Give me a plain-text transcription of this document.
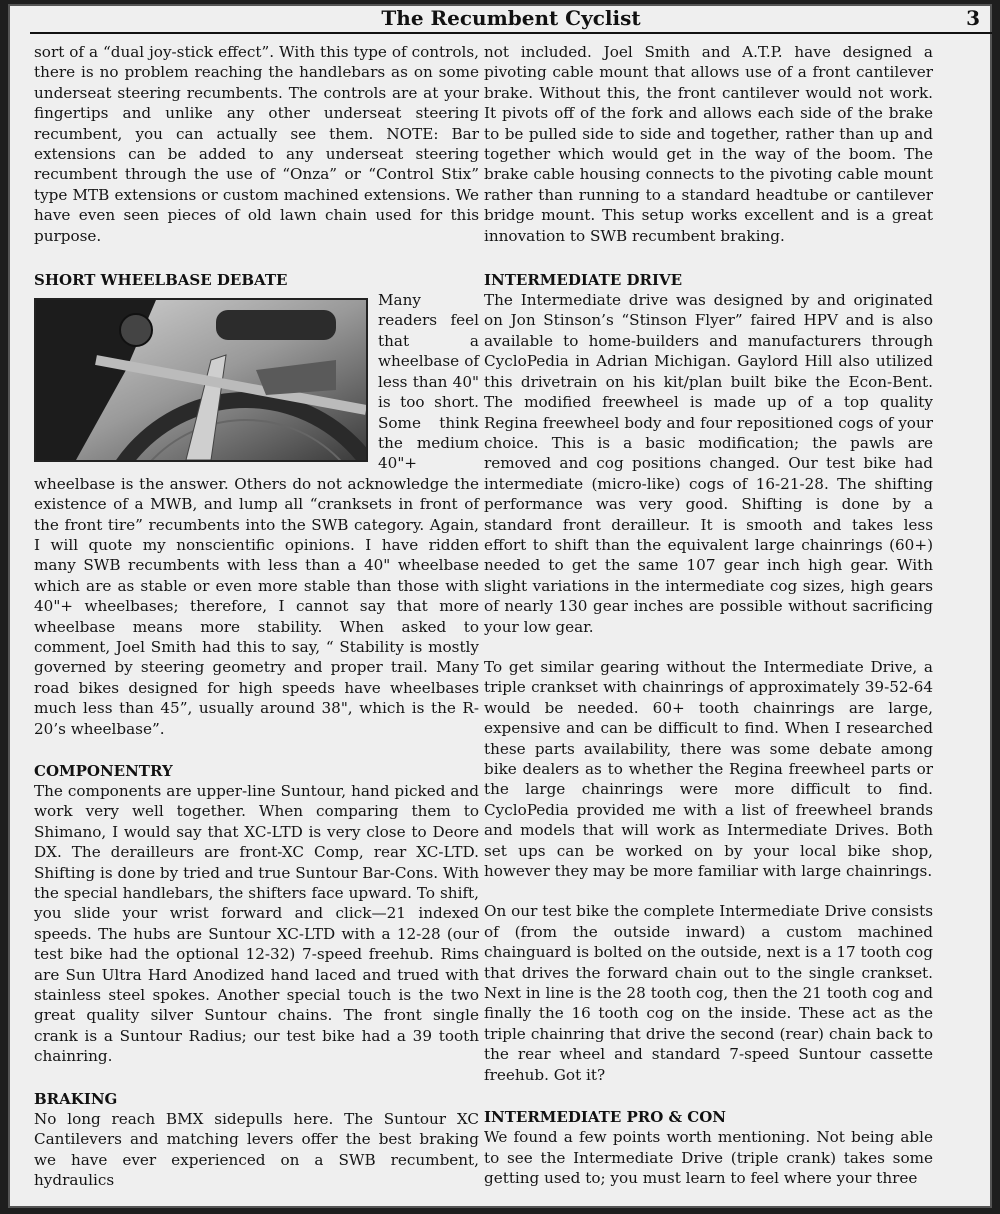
The Recumbent Cyclist	3

sort of a “dual joy-stick effect”. With this type of controls, there is no problem reaching the handlebars as on some underseat steering recumbents. The controls are at your fingertips and unlike any other underseat steering recumbent, you can actually see them. NOTE: Bar extensions can be added to any underseat steering recumbent through the use of “Onza” or “Control Stix” type MTB extensions or custom machined extensions. We have even seen pieces of old lawn chain used for this purpose.

SHORT WHEELBASE DEBATE

Many readers feel that a wheelbase of less than 40" is too short. Some think the medium 40"+ wheelbase is the answer. Others do not acknowledge the existence of a MWB, and lump all “cranksets in front of the front tire” recumbents into the SWB category. Again, I will quote my nonscientific opinions. I have ridden many SWB recumbents with less than a 40" wheelbase which are as stable or even more stable than those with 40"+ wheelbases; therefore, I cannot say that more wheelbase means more stability. When asked to comment, Joel Smith had this to say, “ Stability is mostly governed by steering geometry and proper trail. Many road bikes designed for high speeds have wheelbases much less than 45”, usually around 38", which is the R-20’s wheelbase”.

COMPONENTRY

The components are upper-line Suntour, hand picked and work very well together. When comparing them to Shimano, I would say that XC-LTD is very close to Deore DX. The derailleurs are front-XC Comp, rear XC-LTD. Shifting is done by tried and true Suntour Bar-Cons. With the special handlebars, the shifters face upward. To shift, you slide your wrist forward and click—21 indexed speeds. The hubs are Suntour XC-LTD with a 12-28 (our test bike had the optional 12-32) 7-speed freehub. Rims are Sun Ultra Hard Anodized hand laced and trued with stainless steel spokes. Another special touch is the two great quality silver Suntour chains. The front single crank is a Suntour Radius; our test bike had a 39 tooth chainring.

BRAKING

No long reach BMX sidepulls here. The Suntour XC Cantilevers and matching levers offer the best braking we have ever experienced on a SWB recumbent, hydraulics

not included. Joel Smith and A.T.P. have designed a pivoting cable mount that allows use of a front cantilever brake. Without this, the front cantilever would not work. It pivots off of the fork and allows each side of the brake to be pulled side to side and together, rather than up and together which would get in the way of the boom. The brake cable housing connects to the pivoting cable mount rather than running to a standard headtube or cantilever bridge mount. This setup works excellent and is a great innovation to SWB recumbent braking.

INTERMEDIATE DRIVE

The Intermediate drive was designed by and originated on Jon Stinson’s “Stinson Flyer” faired HPV and is also available to home-builders and manufacturers through CycloPedia in Adrian Michigan. Gaylord Hill also utilized this drivetrain on his kit/plan built bike the Econ-Bent. The modified freewheel is made up of a top quality Regina freewheel body and four repositioned cogs of your choice. This is a basic modification; the pawls are removed and cog positions changed. Our test bike had intermediate (micro-like) cogs of 16-21-28. The shifting performance was very good. Shifting is done by a standard front derailleur. It is smooth and takes less effort to shift than the equivalent large chainrings (60+) needed to get the same 107 gear inch high gear. With slight variations in the intermediate cog sizes, high gears of nearly 130 gear inches are possible without sacrificing your low gear.

To get similar gearing without the Intermediate Drive, a triple crankset with chainrings of approximately 39-52-64 would be needed. 60+ tooth chainrings are large, expensive and can be difficult to find. When I researched these parts availability, there was some debate among bike dealers as to whether the Regina freewheel parts or the large chainrings were more difficult to find. CycloPedia provided me with a list of freewheel brands and models that will work as Intermediate Drives. Both set ups can be worked on by your local bike shop, however they may be more familiar with large chainrings.

On our test bike the complete Intermediate Drive consists of (from the outside inward) a custom machined chainguard is bolted on the outside, next is a 17 tooth cog that drives the forward chain out to the single crankset. Next in line is the 28 tooth cog, then the 21 tooth cog and finally the 16 tooth cog on the inside. These act as the triple chainring that drive the second (rear) chain back to the rear wheel and standard 7-speed Suntour cassette freehub. Got it?

INTERMEDIATE PRO & CON

We found a few points worth mentioning. Not being able to see the Intermediate Drive (triple crank) takes some getting used to; you must learn to feel where your three
